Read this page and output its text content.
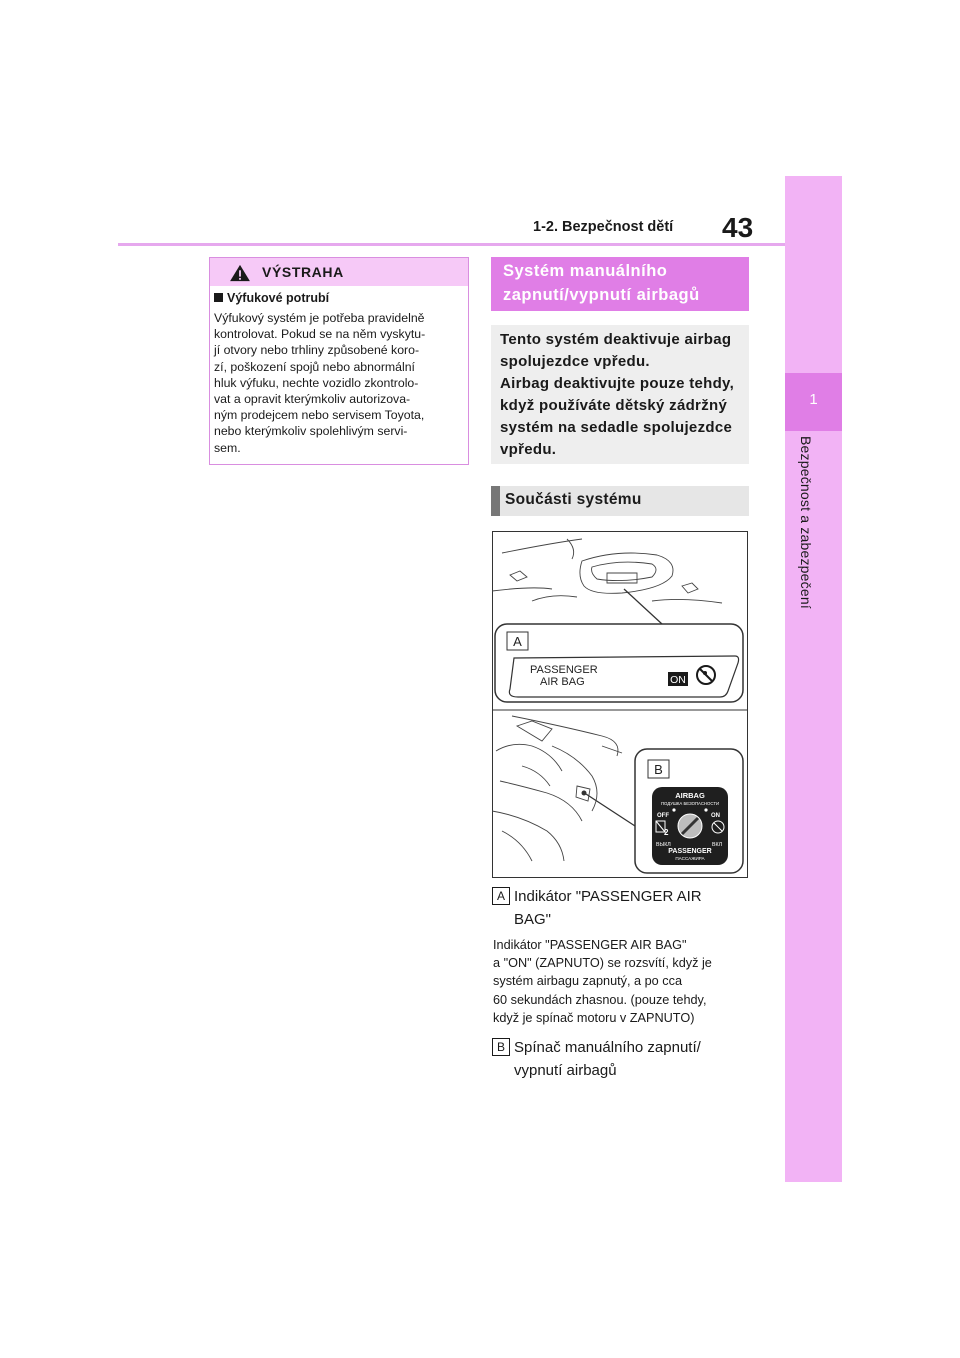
1-2. Bezpečnost dětí 43
1
Bezpečnost a zabezpečení
VÝSTRAHA
Výfukové potrubí
Výfukový systém je potřeba pravidelně
kontrolovat. Pokud se na něm vyskytu-
jí otvory nebo trhliny způsobené koro-
zí, poškození spojů nebo abnormální
hluk výfuku, nechte vozidlo zkontrolo-
vat a opravit kterýmkoliv autorizova-
ným prodejcem nebo servisem Toyota,
nebo kterýmkoliv spolehlivým servi-
sem.
Systém manuálního
zapnutí/vypnutí airbagů
Tento systém deaktivuje airbag
spolujezdce vpředu.
Airbag deaktivujte pouze tehdy,
když používáte dětský zádržný
systém na sedadle spolujezdce
vpředu.
Součásti systému
A
PASSENGER
AIR BAG	ON
B
AIRBAG
ПОДУШКА БЕЗОПАСНОСТИ
OFF	ON
2
ВЫКЛ	ВКЛ
PASSENGER
ПАССАЖИРА
A Indikátor "PASSENGER AIR
BAG"
Indikátor "PASSENGER AIR BAG"
a "ON" (ZAPNUTO) se rozsvítí, když je
systém airbagu zapnutý, a po cca
60 sekundách zhasnou. (pouze tehdy,
když je spínač motoru v ZAPNUTO)
B Spínač manuálního zapnutí/
vypnutí airbagů
